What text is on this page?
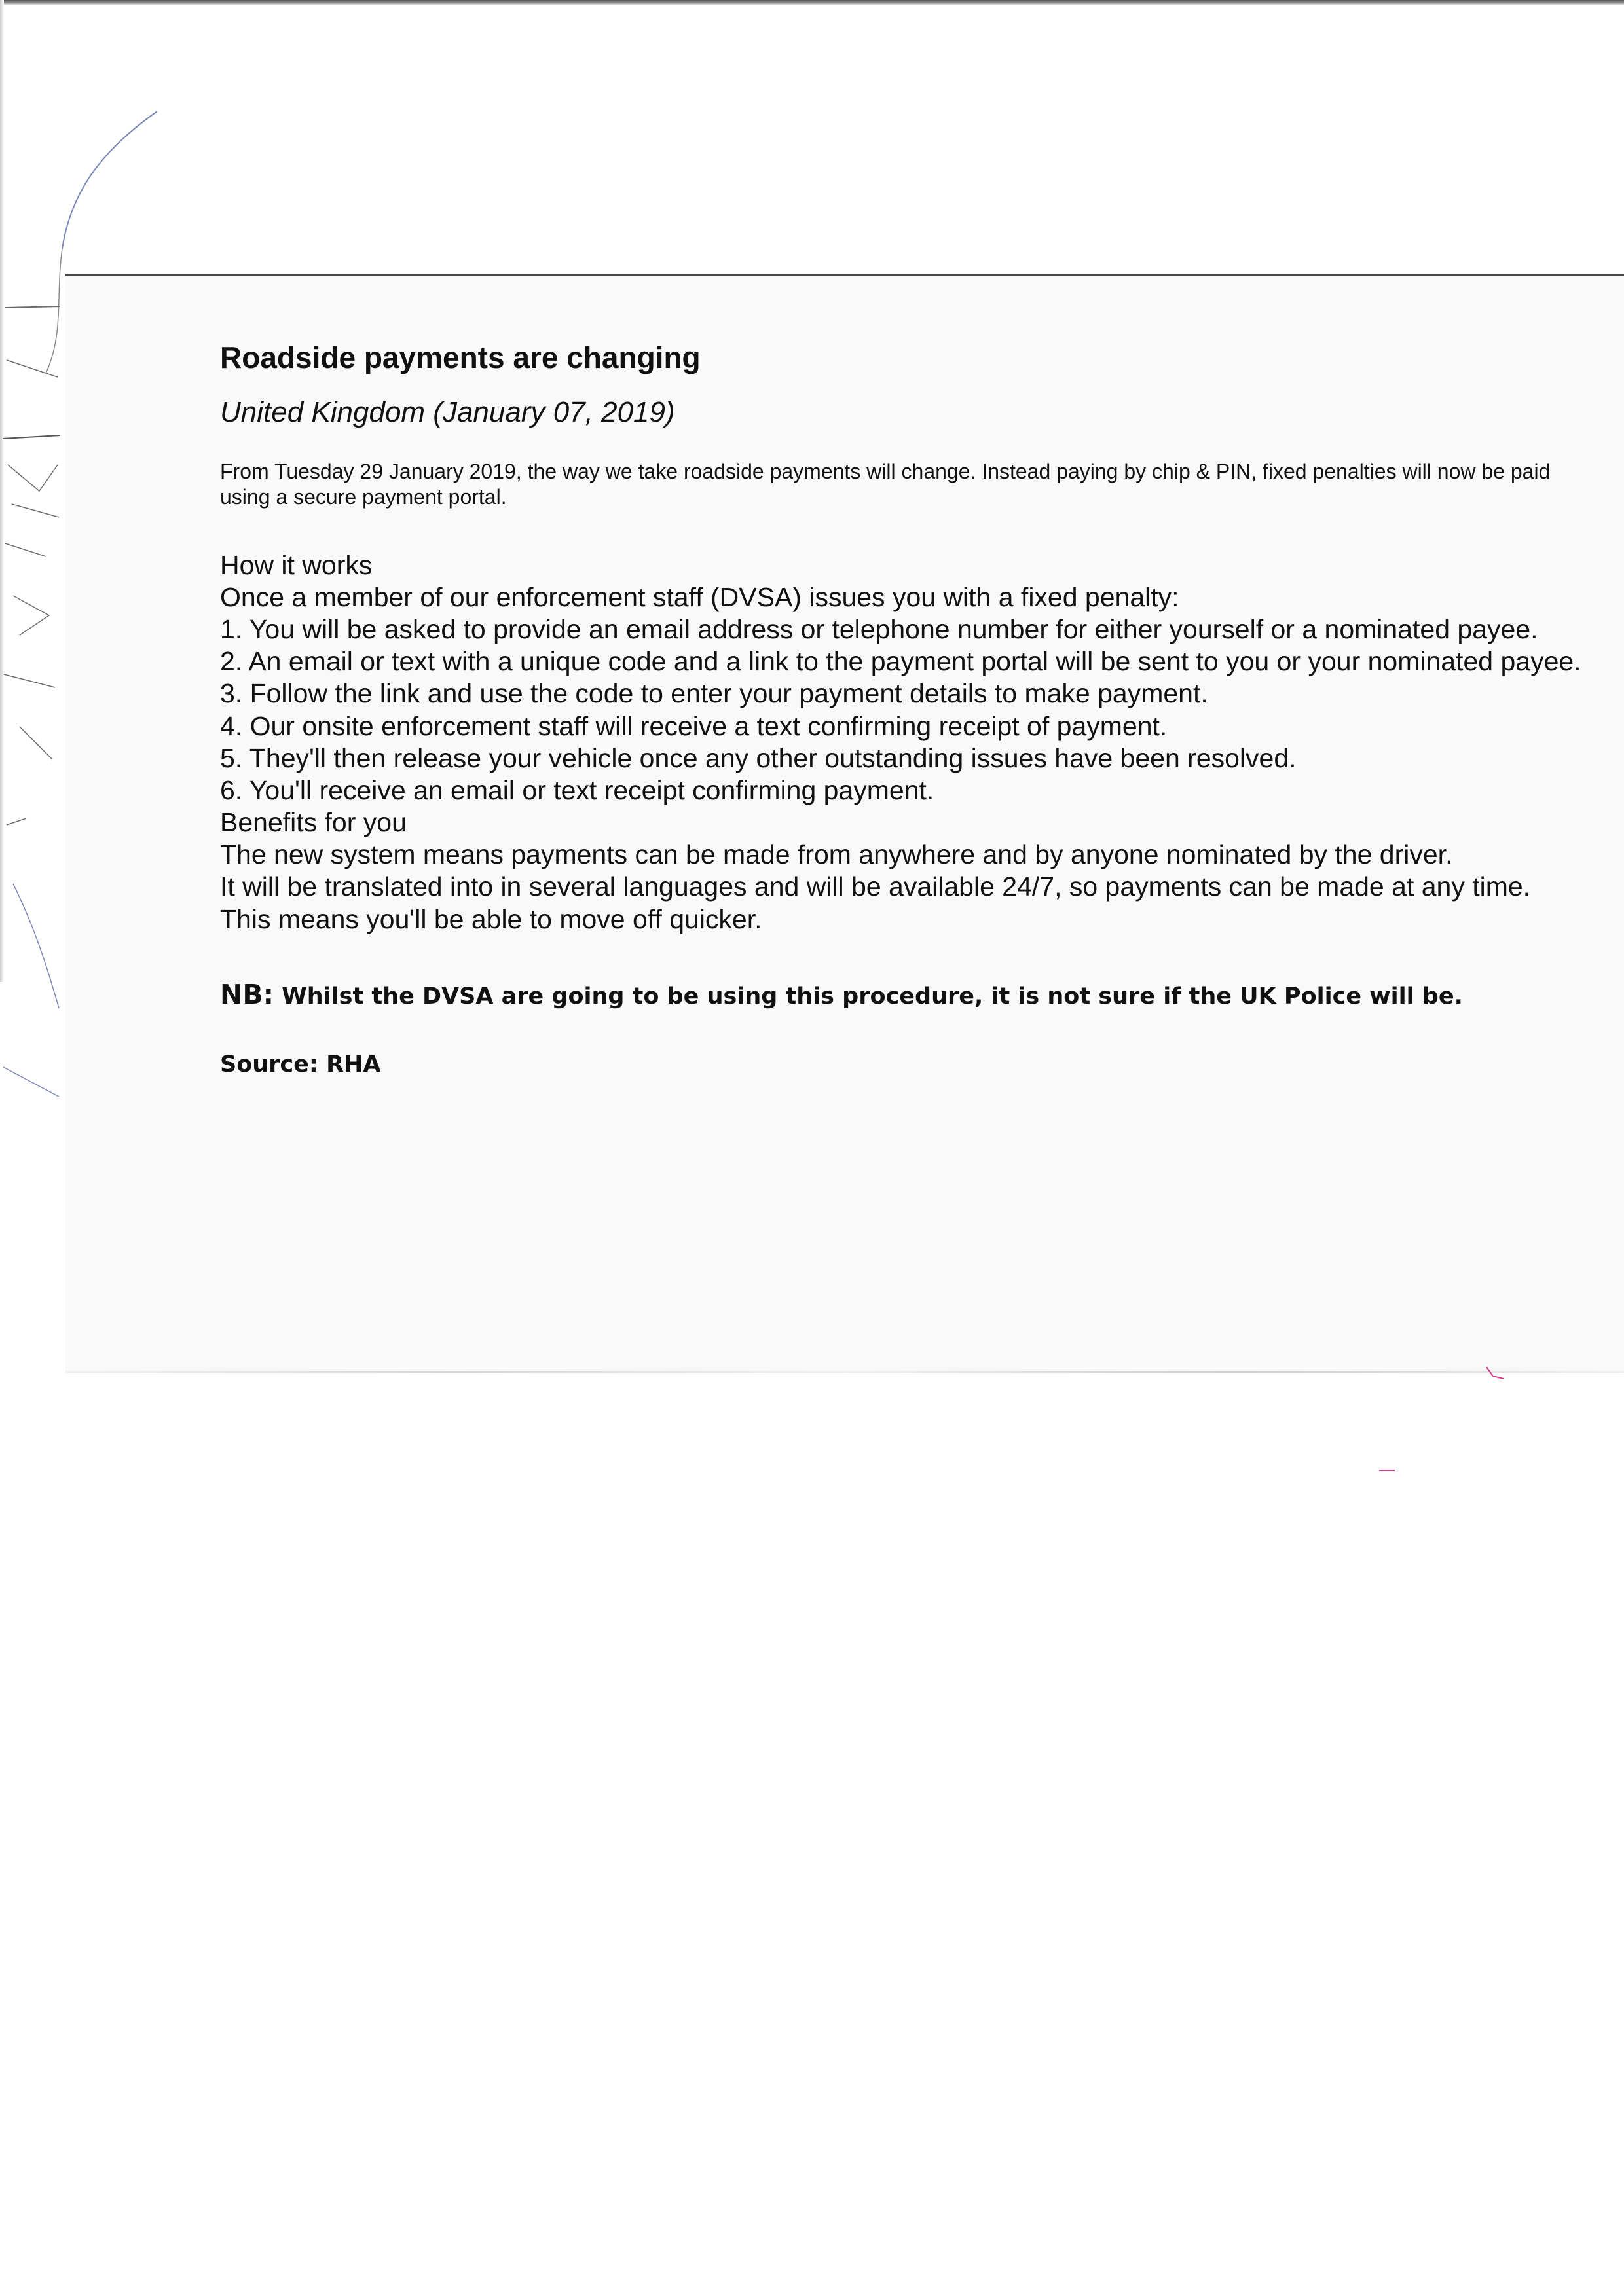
Roadside payments are changing

United Kingdom (January 07, 2019)

From Tuesday 29 January 2019, the way we take roadside payments will change. Instead paying by chip & PIN, fixed penalties will now be paid using a secure payment portal.

How it works

Once a member of our enforcement staff (DVSA) issues you with a fixed penalty:

1. You will be asked to provide an email address or telephone number for either yourself or a nominated payee.

2. An email or text with a unique code and a link to the payment portal will be sent to you or your nominated payee.

3. Follow the link and use the code to enter your payment details to make payment.

4. Our onsite enforcement staff will receive a text confirming receipt of payment.

5. They'll then release your vehicle once any other outstanding issues have been resolved.

6. You'll receive an email or text receipt confirming payment.

Benefits for you

The new system means payments can be made from anywhere and by anyone nominated by the driver.

It will be translated into in several languages and will be available 24/7, so payments can be made at any time.

This means you'll be able to move off quicker.

NB: Whilst the DVSA are going to be using this procedure, it is not sure if the UK Police will be.

Source: RHA
